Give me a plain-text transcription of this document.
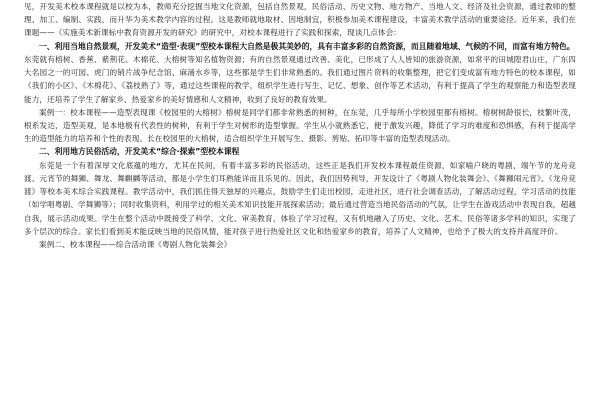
见，开发美术校本课程就是以校为本，教师充分挖掘当地文化资源，包括自然景观，民俗活动、历史文物、地方物产、当地人文、经济及社会资源，通过教师的整理、加工、编制、实践，而升华为美术教学内容的过程。这是教师就地取材、因地制宜，积极参加美术课程建设，丰富美术教学活动的重要途径。近年来，我们在课题——《实施美术新课标中教育资源开发的研究》的研究中，对校本课程进行了实践和探索，现谈几点体会：

一、利用当地自然景观，开发美术“造型·表现”型校本课程大自然是极其美妙的，具有丰富多彩的自然资源，而且随着地域、气候的不同，而富有地方特色。

东莞就有榕树、香蕉、紫荆花、木棉花、大榕树等知名植物资源；有的自然景观通过改善、美化，已形成了人人皆知的旅游资源，如常平的田城隍君山庄，广东四大名园之一的可园、虎门的销片战争纪念馆、麻涌水乡等，这些都是学生们非常熟悉的。我们通过图片资料的收集整理，把它们变成富有地方特色的校本课程，如《我们的小区》、《木棉花》、《荔枝熟了》等，通过这些课程的教学，组织学生进行写生、记忆、想象、创作等艺术活动，有利于提高了学生的观察能力和造型表现能力，还培养了学生了解家乡、热爱家乡的美好情感和人文精神，收到了良好的教育效果。

案例一：校本课程——造型表现课《校园里的大榕树》榕树是同学们都非常熟悉的树种，在东莞，几乎每所小学校园里都有榕树。榕树树龄很长，枝繁叶茂，根系发达，造型美观，是本地极有代表性的树种，有利于学生对树形的造型掌握。学生从小就熟悉它，便于激发兴趣，降低了学习的难度和恐惧感，有利于提高学生的造型能力的培养和个性的表现。长在校园里的大榕树，适合组织学生开展写生、摄影、剪贴、拓印等丰富的造型表现活动。

二、利用地方民俗活动，开发美术“综合·探索”型校本课程

东莞是一个有着深厚文化底蕴的地方，尤其在民间，有着丰富多彩的民俗活动，这些正是我们开发校本课程最佳资源，如家喻户晓的粤剧，端午节的龙舟竞渡、元宵节的舞狮、舞龙、舞麒麟等活动，都是小学生们耳熟能详而且乐见的。因此，我们因势利导，开发设计了《粤剧人物化装舞会》、《舞狮闹元宵》、《龙舟竞渡》等校本美术综合实践课程。教学活动中，我们抓住得天独厚的兴趣点，鼓励学生们走出校园，走进社区，进行社会调查活动，了解活动过程，学习活动的技能（如学唱粤剧、学舞狮等）；同时收集资料，利用学过的相关美术知识技能开展探索活动；最后通过营造当地民俗活动的气氛，让学生在游戏活动中表现自我，超越自我，展示活动成果。学生在整个活动中既接受了科学、文化、审美教育，体验了学习过程，又有机地融入了历史、文化、艺术、民俗等诸多学科的知识，实现了多个层次的综合。家长们看到美术能反映当地的民俗风情，能对孩子进行热爱社区文化和热爱家乡的教育，培养了人文精神，也给予了极大的支持并高度评价。

案例二、校本课程——综合活动课《粤剧人物化装舞会》
